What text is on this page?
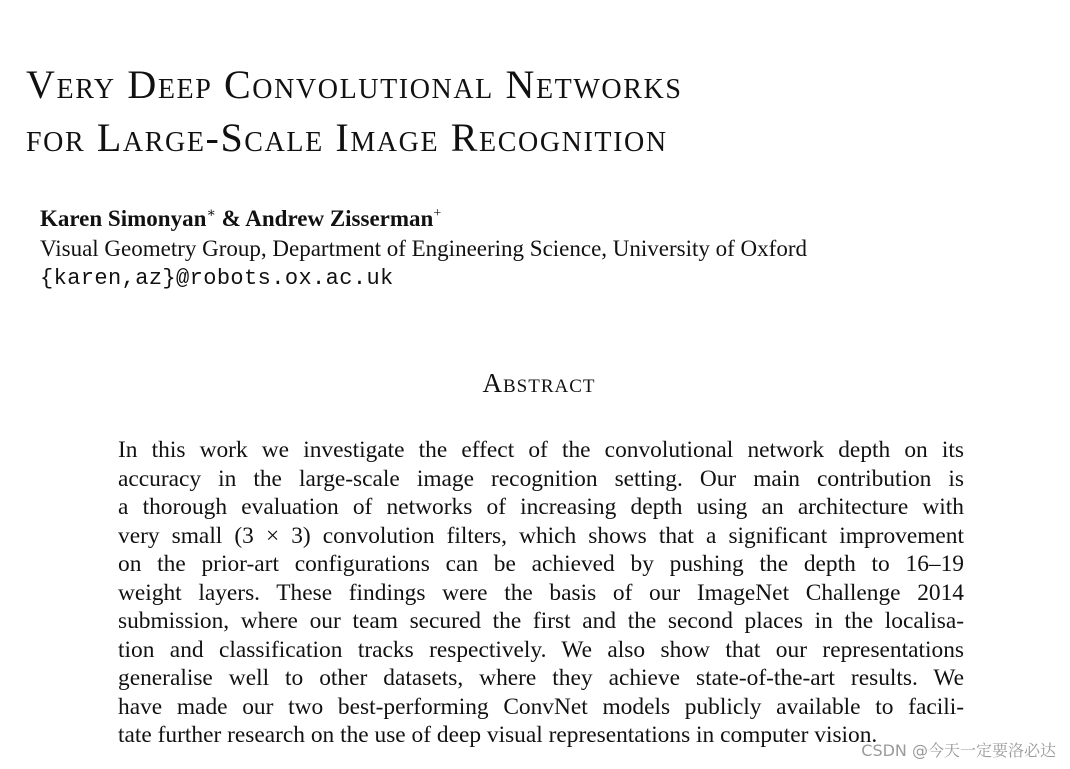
Very Deep Convolutional Networks
for Large-Scale Image Recognition
Karen Simonyan∗ & Andrew Zisserman+
Visual Geometry Group, Department of Engineering Science, University of Oxford
{karen,az}@robots.ox.ac.uk
Abstract
In this work we investigate the effect of the convolutional network depth on its
accuracy in the large-scale image recognition setting. Our main contribution is
a thorough evaluation of networks of increasing depth using an architecture with
very small (3 × 3) convolution filters, which shows that a significant improvement
on the prior-art configurations can be achieved by pushing the depth to 16–19
weight layers. These findings were the basis of our ImageNet Challenge 2014
submission, where our team secured the first and the second places in the localisa-
tion and classification tracks respectively. We also show that our representations
generalise well to other datasets, where they achieve state-of-the-art results. We
have made our two best-performing ConvNet models publicly available to facili-
tate further research on the use of deep visual representations in computer vision.
CSDN @今天一定要洛必达
